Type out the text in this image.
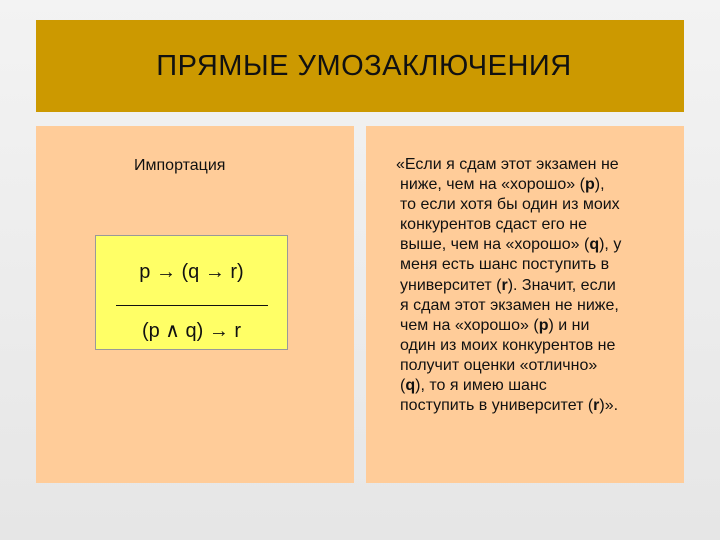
ПРЯМЫЕ УМОЗАКЛЮЧЕНИЯ
Импортация
p → (q → r)
(p ∧ q) → r
«Если я сдам этот экзамен не
ниже, чем на «хорошо» (p),
то если хотя бы один из моих
конкурентов сдаст его не
выше, чем на «хорошо» (q), у
меня есть шанс поступить в
университет (r). Значит, если
я сдам этот экзамен не ниже,
чем на «хорошо» (p) и ни
один из моих конкурентов не
получит оценки «отлично»
(q), то я имею шанс
поступить в университет (r)».
